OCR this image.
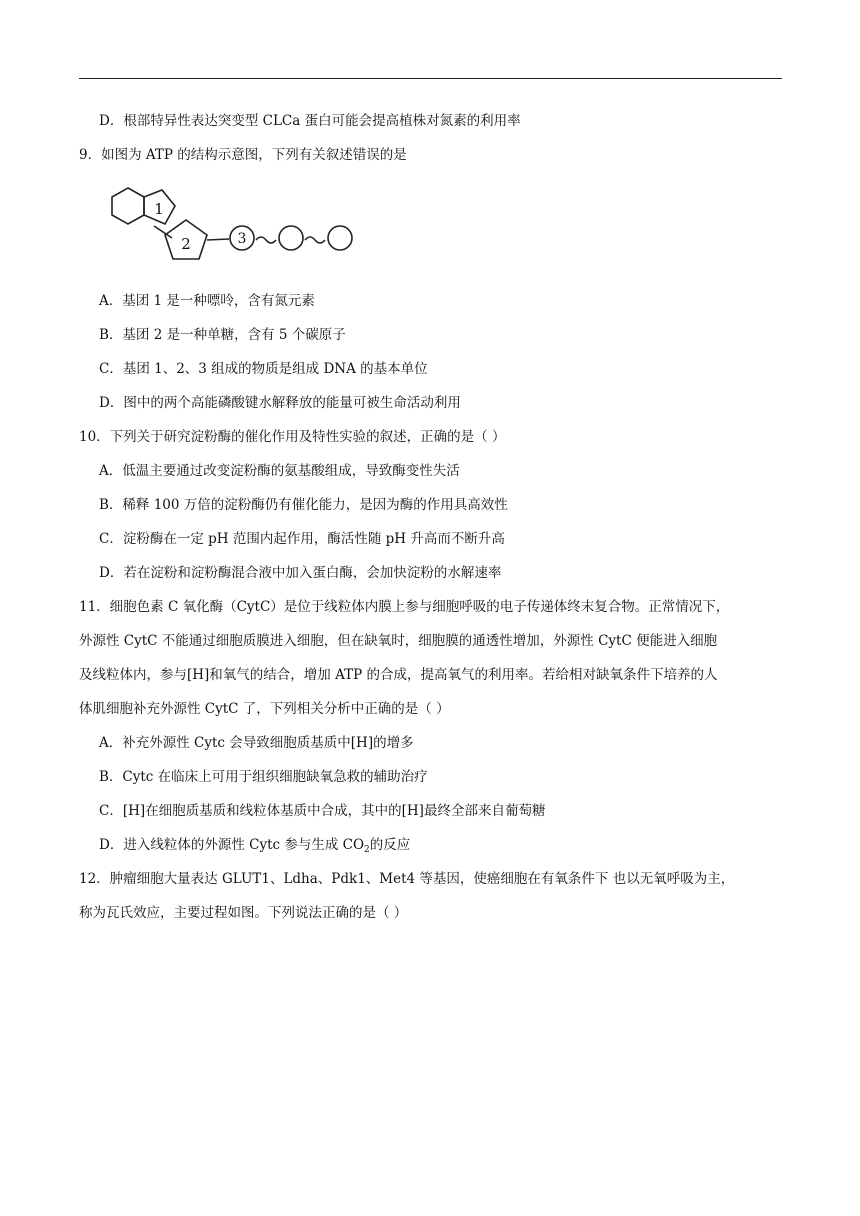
D．根部特异性表达突变型 CLCa 蛋白可能会提高植株对氮素的利用率
9．如图为 ATP 的结构示意图，下列有关叙述错误的是
1
2	3
A．基团 1 是一种嘌呤，含有氮元素
B．基团 2 是一种单糖，含有 5 个碳原子
C．基团 1、2、3 组成的物质是组成 DNA 的基本单位
D．图中的两个高能磷酸键水解释放的能量可被生命活动利用
10．下列关于研究淀粉酶的催化作用及特性实验的叙述，正确的是（ ）
A．低温主要通过改变淀粉酶的氨基酸组成，导致酶变性失活
B．稀释 100 万倍的淀粉酶仍有催化能力，是因为酶的作用具高效性
C．淀粉酶在一定 pH 范围内起作用，酶活性随 pH 升高而不断升高
D．若在淀粉和淀粉酶混合液中加入蛋白酶，会加快淀粉的水解速率
11．细胞色素 C 氧化酶（CytC）是位于线粒体内膜上参与细胞呼吸的电子传递体终末复合物。正常情况下，
外源性 CytC 不能通过细胞质膜进入细胞，但在缺氧时，细胞膜的通透性增加，外源性 CytC 便能进入细胞
及线粒体内，参与[H]和氧气的结合，增加 ATP 的合成，提高氧气的利用率。若给相对缺氧条件下培养的人
体肌细胞补充外源性 CytC 了，下列相关分析中正确的是（ ）
A．补充外源性 Cytc 会导致细胞质基质中[H]的增多
B．Cytc 在临床上可用于组织细胞缺氧急救的辅助治疗
C．[H]在细胞质基质和线粒体基质中合成，其中的[H]最终全部来自葡萄糖
D．进入线粒体的外源性 Cytc 参与生成 $CO_2$的反应
12．肿瘤细胞大量表达 GLUT1、Ldha、Pdk1、Met4 等基因，使癌细胞在有氧条件下 也以无氧呼吸为主，
称为瓦氏效应，主要过程如图。下列说法正确的是（ ）
